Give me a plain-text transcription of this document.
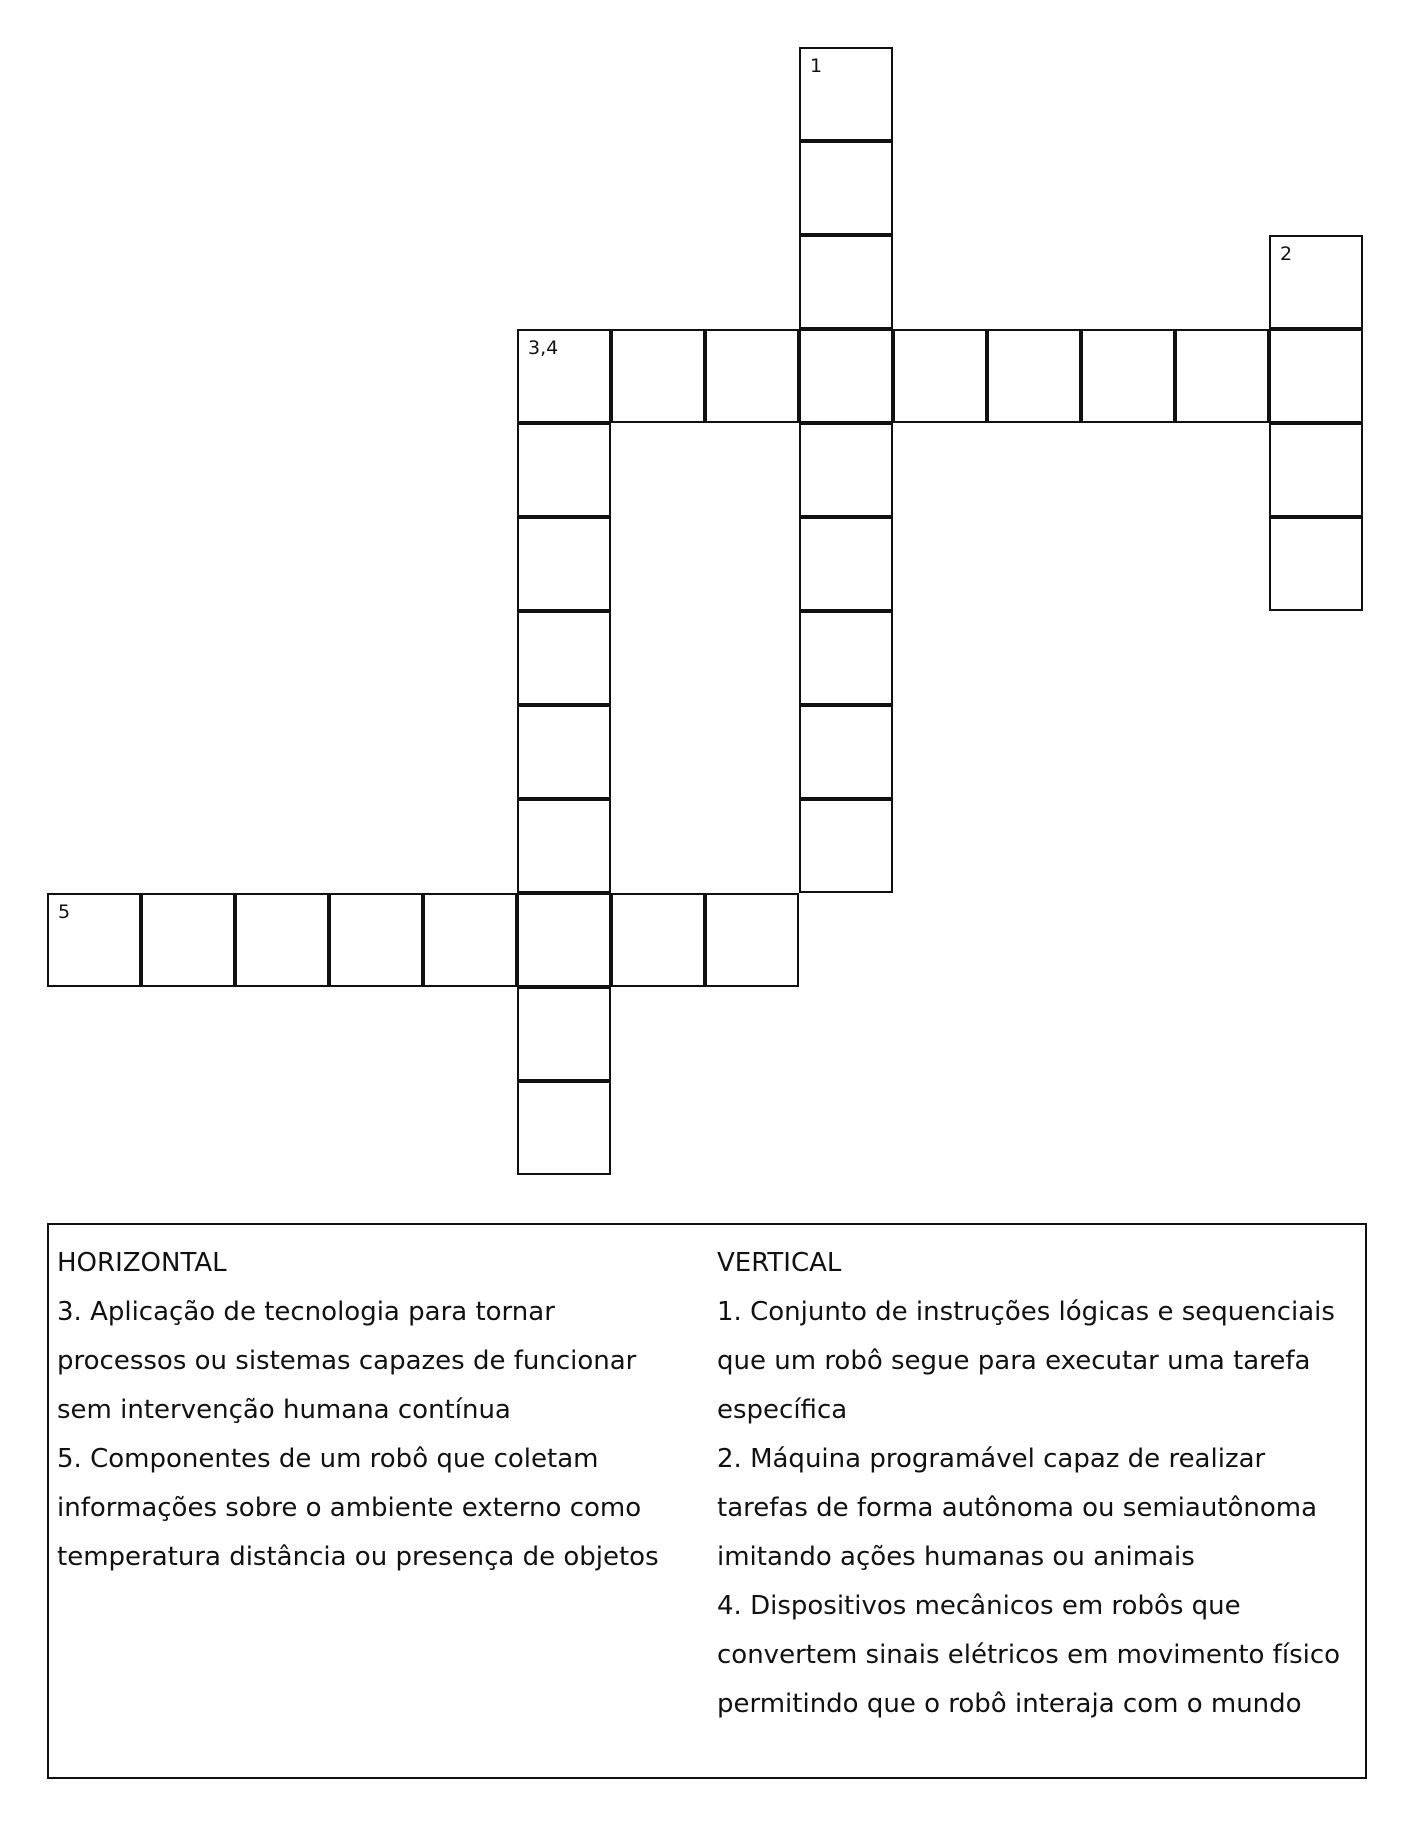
1
2
3,4
5
HORIZONTAL
3. Aplicação de tecnologia para tornar
processos ou sistemas capazes de funcionar
sem intervenção humana contínua
5. Componentes de um robô que coletam
informações sobre o ambiente externo como
temperatura distância ou presença de objetos
VERTICAL
1. Conjunto de instruções lógicas e sequenciais
que um robô segue para executar uma tarefa
específica
2. Máquina programável capaz de realizar
tarefas de forma autônoma ou semiautônoma
imitando ações humanas ou animais
4. Dispositivos mecânicos em robôs que
convertem sinais elétricos em movimento físico
permitindo que o robô interaja com o mundo
